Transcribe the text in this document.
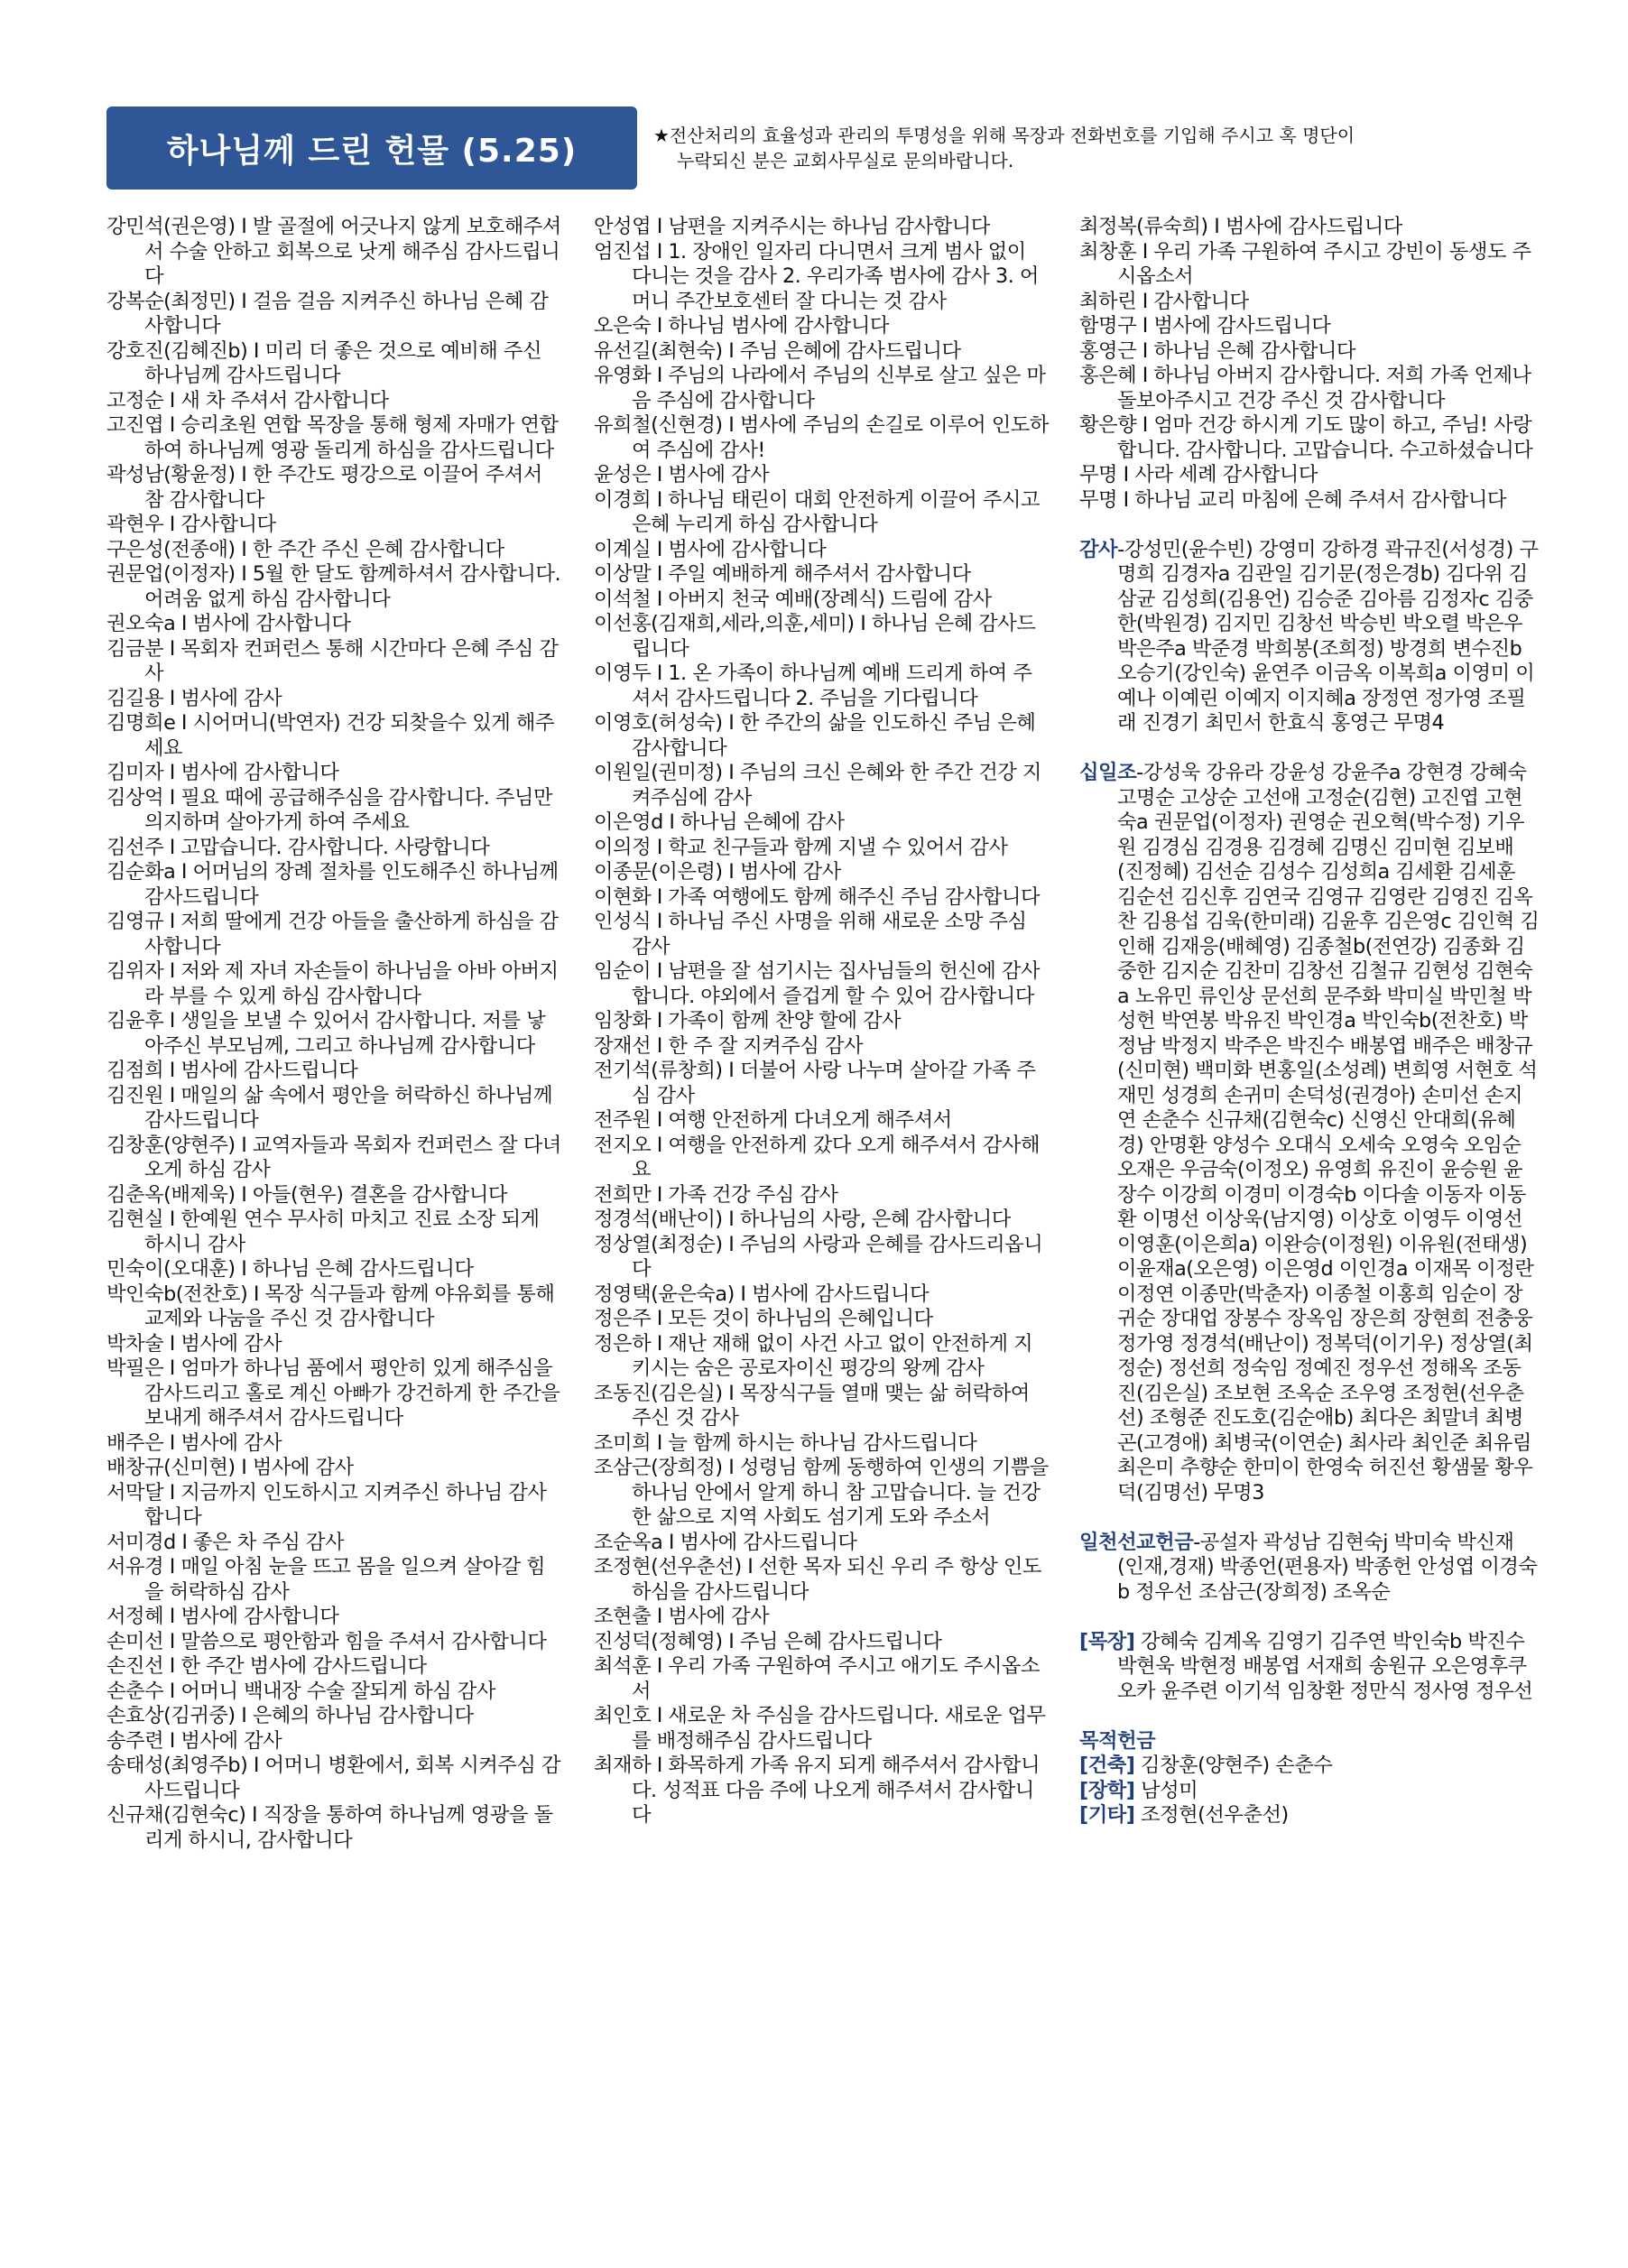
하나님께 드린 헌물 (5.25)	★전산처리의 효율성과 관리의 투명성을 위해 목장과 전화번호를 기입해 주시고 혹 명단이
누락되신 분은 교회사무실로 문의바랍니다.
강민석(권은영) I 발 골절에 어긋나지 않게 보호해주셔서 수술 안하고 회복으로 낫게 해주심 감사드립니다
강복순(최정민) I 걸음 걸음 지켜주신 하나님 은혜 감사합니다
강호진(김혜진b) I 미리 더 좋은 것으로 예비해 주신 하나님께 감사드립니다
고정순 I 새 차 주셔서 감사합니다
고진엽 I 승리초원 연합 목장을 통해 형제 자매가 연합하여 하나님께 영광 돌리게 하심을 감사드립니다
곽성남(황윤정) I 한 주간도 평강으로 이끌어 주셔서 참 감사합니다
곽현우 I 감사합니다
구은성(전종애) I 한 주간 주신 은혜 감사합니다
권문업(이정자) I 5월 한 달도 함께하셔서 감사합니다. 어려움 없게 하심 감사합니다
권오숙a I 범사에 감사합니다
김금분 I 목회자 컨퍼런스 통해 시간마다 은혜 주심 감사
김길용 I 범사에 감사
김명희e I 시어머니(박연자) 건강 되찾을수 있게 해주세요
김미자 I 범사에 감사합니다
김상억 I 필요 때에 공급해주심을 감사합니다. 주님만 의지하며 살아가게 하여 주세요
김선주 I 고맙습니다. 감사합니다. 사랑합니다
김순화a I 어머님의 장례 절차를 인도해주신 하나님께 감사드립니다
김영규 I 저희 딸에게 건강 아들을 출산하게 하심을 감사합니다
김위자 I 저와 제 자녀 자손들이 하나님을 아바 아버지라 부를 수 있게 하심 감사합니다
김윤후 I 생일을 보낼 수 있어서 감사합니다. 저를 낳아주신 부모님께, 그리고 하나님께 감사합니다
김점희 I 범사에 감사드립니다
김진원 I 매일의 삶 속에서 평안을 허락하신 하나님께 감사드립니다
김창훈(양현주) I 교역자들과 목회자 컨퍼런스 잘 다녀오게 하심 감사
김춘옥(배제욱) I 아들(현우) 결혼을 감사합니다
김현실 I 한예원 연수 무사히 마치고 진료 소장 되게 하시니 감사
민숙이(오대훈) I 하나님 은혜 감사드립니다
박인숙b(전찬호) I 목장 식구들과 함께 야유회를 통해 교제와 나눔을 주신 것 감사합니다
박차술 I 범사에 감사
박필은 I 엄마가 하나님 품에서 평안히 있게 해주심을 감사드리고 홀로 계신 아빠가 강건하게 한 주간을 보내게 해주셔서 감사드립니다
배주은 I 범사에 감사
배창규(신미현) I 범사에 감사
서막달 I 지금까지 인도하시고 지켜주신 하나님 감사합니다
서미경d I 좋은 차 주심 감사
서유경 I 매일 아침 눈을 뜨고 몸을 일으켜 살아갈 힘을 허락하심 감사
서정혜 I 범사에 감사합니다
손미선 I 말씀으로 평안함과 힘을 주셔서 감사합니다
손진선 I 한 주간 범사에 감사드립니다
손춘수 I 어머니 백내장 수술 잘되게 하심 감사
손효상(김귀중) I 은혜의 하나님 감사합니다
송주련 I 범사에 감사
송태성(최영주b) I 어머니 병환에서, 회복 시켜주심 감사드립니다
신규채(김현숙c) I 직장을 통하여 하나님께 영광을 돌리게 하시니, 감사합니다
안성엽 I 남편을 지켜주시는 하나님 감사합니다
엄진섭 I 1. 장애인 일자리 다니면서 크게 범사 없이 다니는 것을 감사 2. 우리가족 범사에 감사 3. 어머니 주간보호센터 잘 다니는 것 감사
오은숙 I 하나님 범사에 감사합니다
유선길(최현숙) I 주님 은혜에 감사드립니다
유영화 I 주님의 나라에서 주님의 신부로 살고 싶은 마음 주심에 감사합니다
유희철(신현경) I 범사에 주님의 손길로 이루어 인도하여 주심에 감사!
윤성은 I 범사에 감사
이경희 I 하나님 태린이 대회 안전하게 이끌어 주시고 은혜 누리게 하심 감사합니다
이계실 I 범사에 감사합니다
이상말 I 주일 예배하게 해주셔서 감사합니다
이석철 I 아버지 천국 예배(장례식) 드림에 감사
이선홍(김재희,세라,의훈,세미) I 하나님 은혜 감사드립니다
이영두 I 1. 온 가족이 하나님께 예배 드리게 하여 주셔서 감사드립니다 2. 주님을 기다립니다
이영호(허성숙) I 한 주간의 삶을 인도하신 주님 은혜 감사합니다
이원일(권미정) I 주님의 크신 은혜와 한 주간 건강 지켜주심에 감사
이은영d I 하나님 은혜에 감사
이의정 I 학교 친구들과 함께 지낼 수 있어서 감사
이종문(이은령) I 범사에 감사
이현화 I 가족 여행에도 함께 해주신 주님 감사합니다
인성식 I 하나님 주신 사명을 위해 새로운 소망 주심 감사
임순이 I 남편을 잘 섬기시는 집사님들의 헌신에 감사합니다. 야외에서 즐겁게 할 수 있어 감사합니다
임창화 I 가족이 함께 찬양 할에 감사
장재선 I 한 주 잘 지켜주심 감사
전기석(류창희) I 더불어 사랑 나누며 살아갈 가족 주심 감사
전주원 I 여행 안전하게 다녀오게 해주셔서
전지오 I 여행을 안전하게 갔다 오게 해주셔서 감사해요
전희만 I 가족 건강 주심 감사
정경석(배난이) I 하나님의 사랑, 은혜 감사합니다
정상열(최정순) I 주님의 사랑과 은혜를 감사드리옵니다
정영택(윤은숙a) I 범사에 감사드립니다
정은주 I 모든 것이 하나님의 은혜입니다
정은하 I 재난 재해 없이 사건 사고 없이 안전하게 지키시는 숨은 공로자이신 평강의 왕께 감사
조동진(김은실) I 목장식구들 열매 맺는 삶 허락하여 주신 것 감사
조미희 I 늘 함께 하시는 하나님 감사드립니다
조삼근(장희정) I 성령님 함께 동행하여 인생의 기쁨을 하나님 안에서 알게 하니 참 고맙습니다. 늘 건강한 삶으로 지역 사회도 섬기게 도와 주소서
조순옥a I 범사에 감사드립니다
조정현(선우춘선) I 선한 목자 되신 우리 주 항상 인도하심을 감사드립니다
조현출 I 범사에 감사
진성덕(정혜영) I 주님 은혜 감사드립니다
최석훈 I 우리 가족 구원하여 주시고 애기도 주시옵소서
최인호 I 새로운 차 주심을 감사드립니다. 새로운 업무를 배정해주심 감사드립니다
최재하 I 화목하게 가족 유지 되게 해주셔서 감사합니다. 성적표 다음 주에 나오게 해주셔서 감사합니다
최정복(류숙희) I 범사에 감사드립니다
최창훈 I 우리 가족 구원하여 주시고 강빈이 동생도 주시옵소서
최하린 I 감사합니다
함명구 I 범사에 감사드립니다
홍영근 I 하나님 은혜 감사합니다
홍은혜 I 하나님 아버지 감사합니다. 저희 가족 언제나 돌보아주시고 건강 주신 것 감사합니다
황은향 I 엄마 건강 하시게 기도 많이 하고, 주님! 사랑합니다. 감사합니다. 고맙습니다. 수고하셨습니다
무명 I 사라 세례 감사합니다
무명 I 하나님 교리 마침에 은혜 주셔서 감사합니다
감사-강성민(윤수빈) 강영미 강하경 곽규진(서성경) 구명희 김경자a 김관일 김기문(정은경b) 김다위 김삼균 김성희(김용언) 김승준 김아름 김정자c 김중한(박원경) 김지민 김창선 박승빈 박오렬 박은우 박은주a 박준경 박희봉(조희정) 방경희 변수진b 오승기(강인숙) 윤연주 이금옥 이복희a 이영미 이예나 이예린 이예지 이지혜a 장정연 정가영 조필래 진경기 최민서 한효식 홍영근 무명4
십일조-강성욱 강유라 강윤성 강윤주a 강현경 강혜숙 고명순 고상순 고선애 고정순(김현) 고진엽 고현숙a 권문업(이정자) 권영순 권오혁(박수정) 기우원 김경심 김경용 김경혜 김명신 김미현 김보배(진정혜) 김선순 김성수 김성희a 김세환 김세훈 김순선 김신후 김연국 김영규 김영란 김영진 김옥찬 김용섭 김욱(한미래) 김윤후 김은영c 김인혁 김인해 김재응(배혜영) 김종철b(전연강) 김종화 김중한 김지순 김찬미 김창선 김철규 김현성 김현숙a 노유민 류인상 문선희 문주화 박미실 박민철 박성헌 박연봉 박유진 박인경a 박인숙b(전찬호) 박정남 박정지 박주은 박진수 배봉엽 배주은 배창규(신미현) 백미화 변홍일(소성례) 변희영 서현호 석재민 성경희 손귀미 손덕성(권경아) 손미선 손지연 손춘수 신규채(김현숙c) 신영신 안대희(유혜경) 안명환 양성수 오대식 오세숙 오영숙 오임순 오재은 우금숙(이정오) 유영희 유진이 윤승원 윤장수 이강희 이경미 이경숙b 이다솔 이동자 이동환 이명선 이상욱(남지영) 이상호 이영두 이영선 이영훈(이은희a) 이완승(이정원) 이유원(전태생) 이윤재a(오은영) 이은영d 이인경a 이재목 이정란 이정연 이종만(박춘자) 이종철 이홍희 임순이 장귀순 장대업 장봉수 장옥임 장은희 장현희 전충웅 정가영 정경석(배난이) 정복덕(이기우) 정상열(최정순) 정선희 정숙임 정예진 정우선 정해옥 조동진(김은실) 조보현 조옥순 조우영 조정현(선우춘선) 조형준 진도호(김순애b) 최다은 최말녀 최병곤(고경애) 최병국(이연순) 최사라 최인준 최유림 최은미 추향순 한미이 한영숙 허진선 황샘물 황우덕(김명선) 무명3
일천선교헌금-공설자 곽성남 김현숙j 박미숙 박신재(인재,경재) 박종언(편용자) 박종헌 안성엽 이경숙b 정우선 조삼근(장희정) 조옥순
[목장] 강혜숙 김계옥 김영기 김주연 박인숙b 박진수 박현욱 박현정 배봉엽 서재희 송원규 오은영후쿠오카 윤주련 이기석 임창환 정만식 정사영 정우선
목적헌금
[건축] 김창훈(양현주) 손춘수
[장학] 남성미
[기타] 조정현(선우춘선)
